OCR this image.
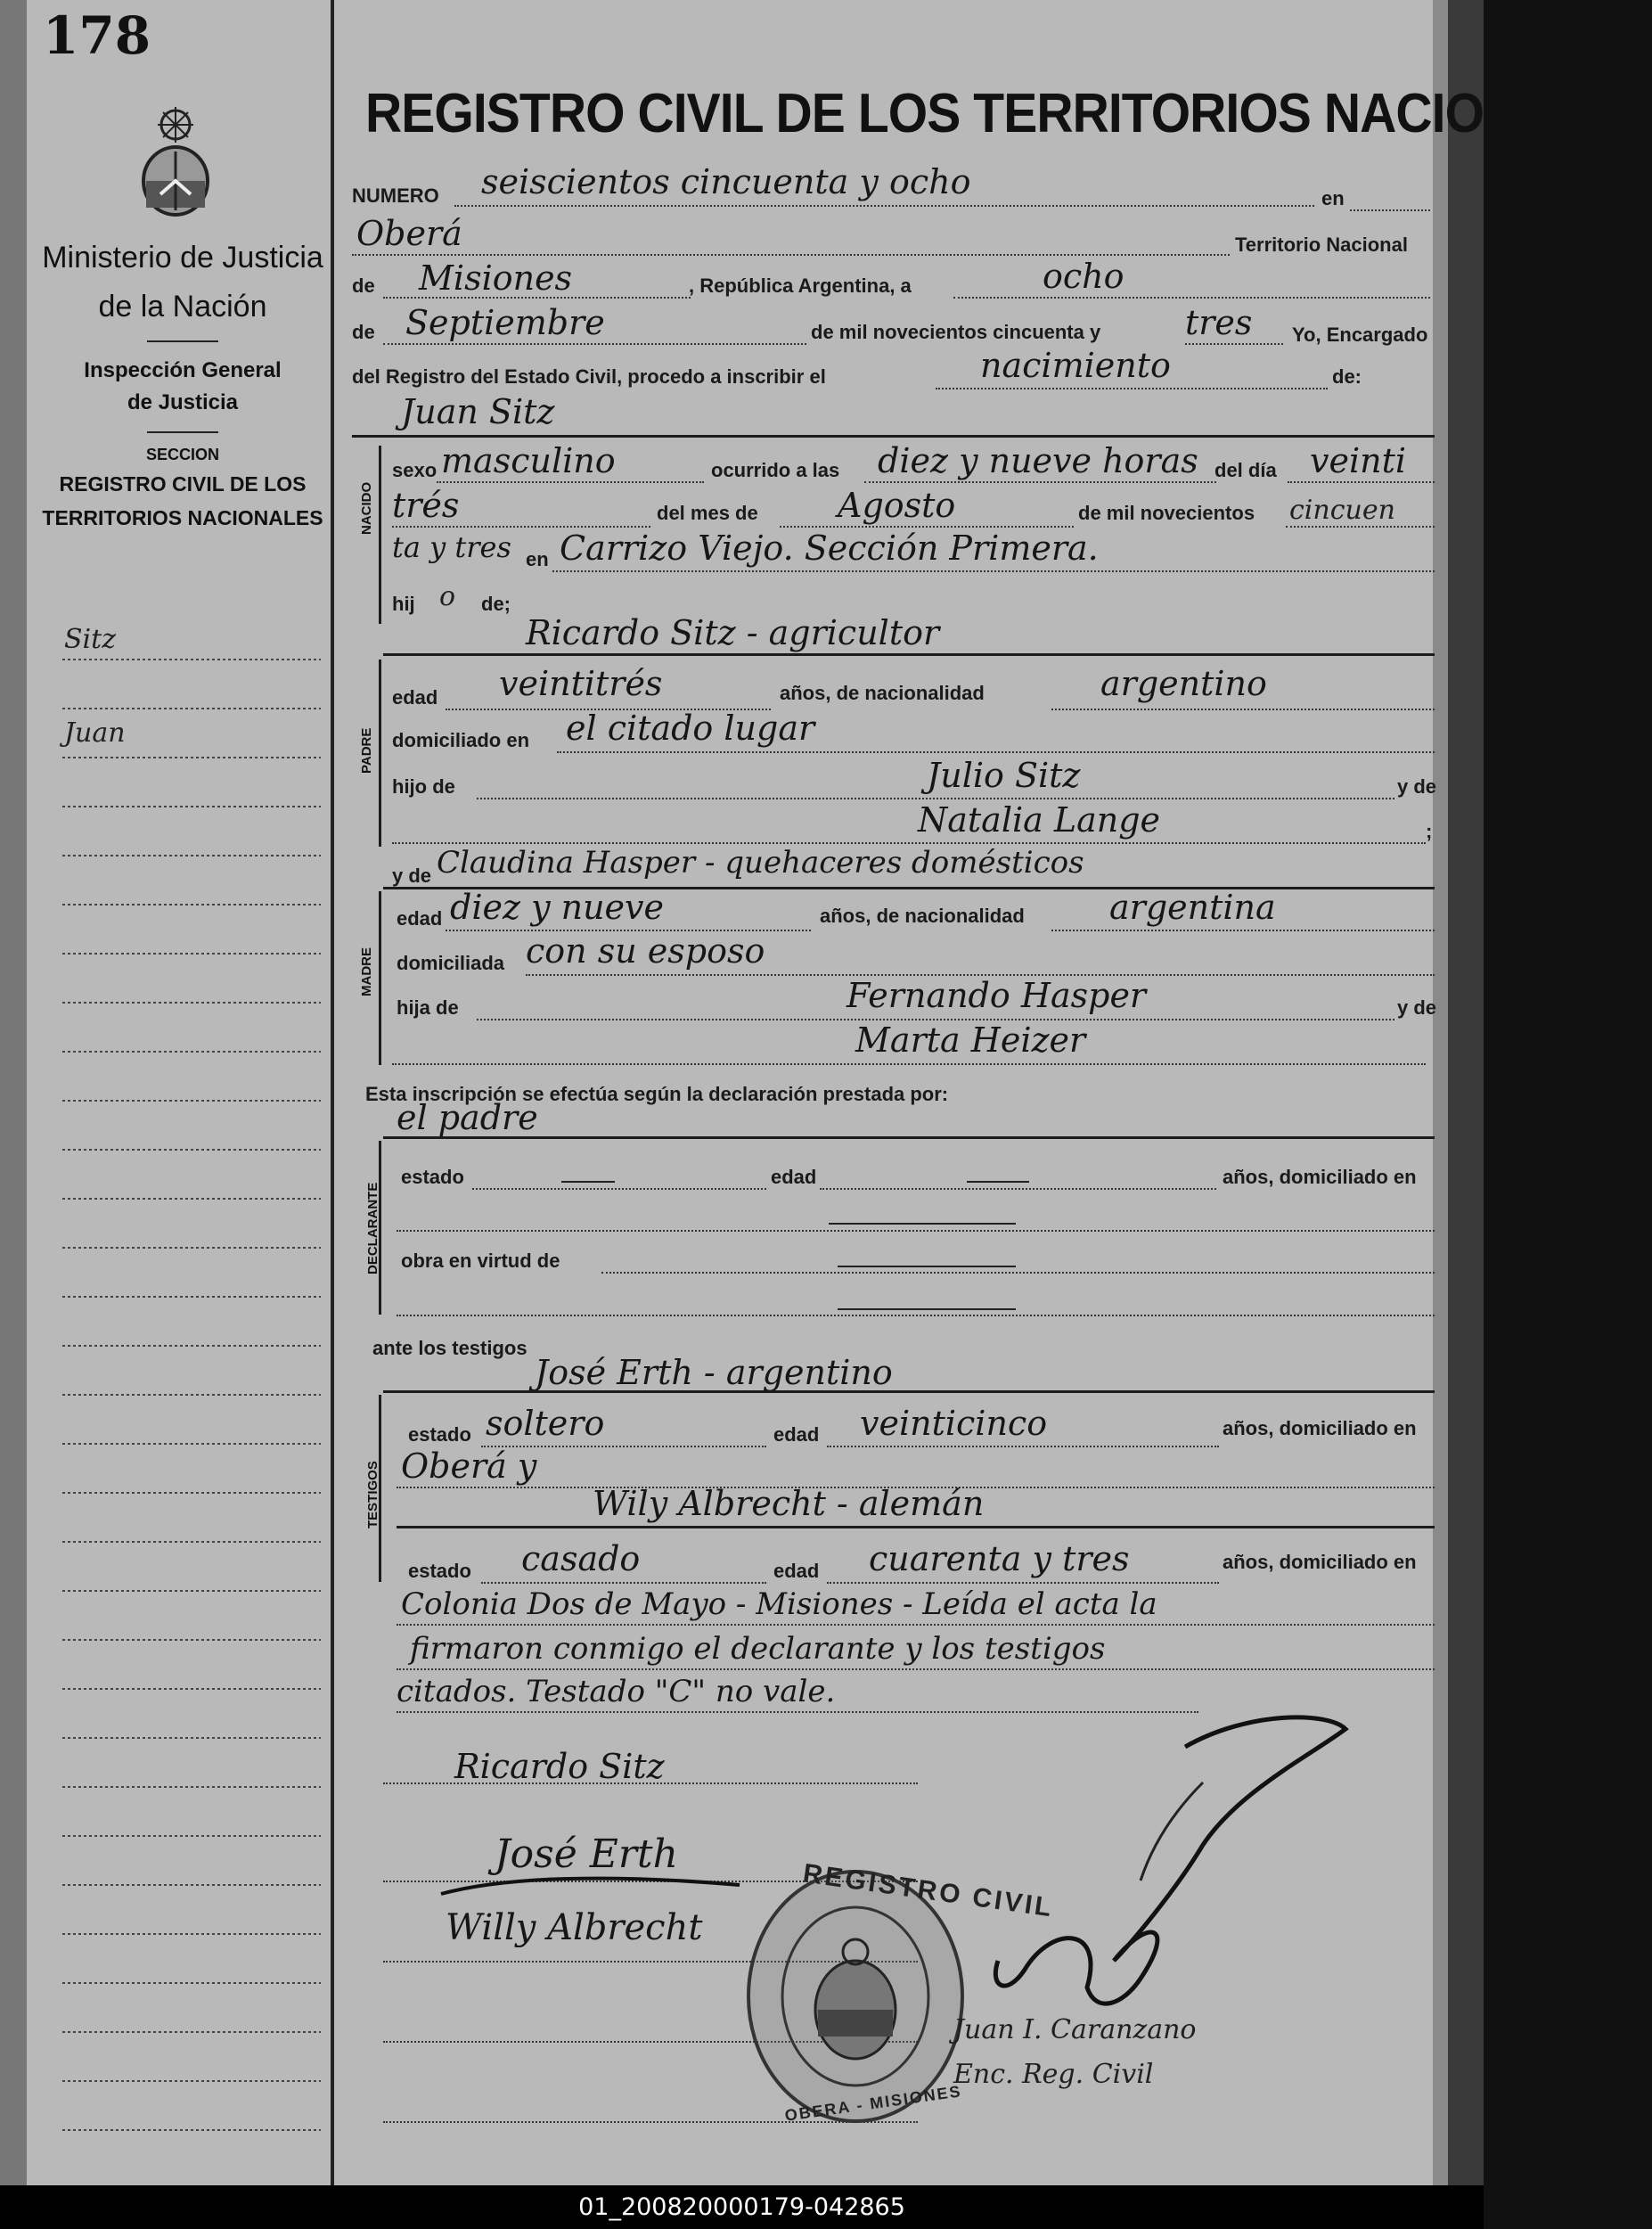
178
Ministerio de Justicia
de la Nación
Inspección General
de Justicia
SECCION
REGISTRO CIVIL DE LOS
TERRITORIOS NACIONALES
Sitz
Juan
REGISTRO CIVIL DE LOS TERRITORIOS NACIONALES
NUMERO seiscientos cincuenta y ocho	en
Oberá	Territorio Nacional
de Misiones	, República Argentina, a	ocho
de Septiembre	de mil novecientos cincuenta y tres Yo, Encargado
del Registro del Estado Civil, procedo a inscribir el	nacimiento	de:
Juan Sitz
NACIDO
sexo masculino	ocurrido a las diez y nueve horas del día veinti
trés	del mes de Agosto	de mil novecientos cincuen
ta y tres en Carrizo Viejo. Sección Primera.
hij o de;
Ricardo Sitz - agricultor
PADRE
edad veintitrés	años, de nacionalidad	argentino
domiciliado en el citado lugar
hijo de	Julio Sitz	y de
Natalia Lange	;
y de Claudina Hasper - quehaceres domésticos
MADRE
edad diez y nueve	años, de nacionalidad	argentina
domiciliada con su esposo
hija de	Fernando Hasper	y de
Marta Heizer
Esta inscripción se efectúa según la declaración prestada por:
el padre
DECLARANTE
estado	edad	años, domiciliado en
obra en virtud de
ante los testigos
José Erth - argentino
TESTIGOS
estado soltero	edad veinticinco	años, domiciliado en
Oberá y
Wily Albrecht - alemán
estado casado	edad cuarenta y tres	años, domiciliado en
Colonia Dos de Mayo - Misiones - Leída el acta la
firmaron conmigo el declarante y los testigos
citados. Testado "C" no vale.
Ricardo Sitz
José Erth
Willy Albrecht
REGISTRO CIVIL
OBERA - MISIONES
Juan I. Caranzano
Enc. Reg. Civil
01_200820000179-042865
